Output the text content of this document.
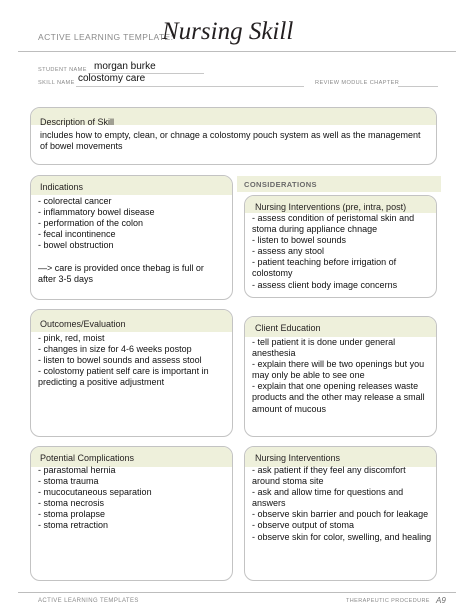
ACTIVE LEARNING TEMPLATE:
Nursing Skill
STUDENT NAME morgan burke
SKILL NAME colostomy care	REVIEW MODULE CHAPTER
Description of Skill
includes how to empty, clean, or chnage a colostomy pouch system as well as the management
of bowel movements
Indications
- colorectal cancer
- inflammatory bowel disease
- performation of the colon
- fecal incontinence
- bowel obstruction

—> care is provided once thebag is full or
after 3-5 days
CONSIDERATIONS
Nursing Interventions (pre, intra, post)
- assess condition of peristomal skin and
stoma during appliance chnage
- listen to bowel sounds
- assess any stool
- patient teaching before irrigation of
colostomy
- assess client body image concerns
Outcomes/Evaluation
- pink, red, moist
- changes in size for 4-6 weeks postop
- listen to bowel sounds and assess stool
- colostomy patient self care is important in
predicting a positive adjustment
Client Education
- tell patient it is done under general
anesthesia
- explain there will be two openings but you
may only be able to see one
- explain that one opening releases waste
products and the other may release a small
amount of mucous
Potential Complications
- parastomal hernia
- stoma trauma
- mucocutaneous separation
- stoma necrosis
- stoma prolapse
- stoma retraction
Nursing Interventions
- ask patient if they feel any discomfort
around stoma site
- ask and allow time for questions and
answers
- observe skin barrier and pouch for leakage
- observe output of stoma
- observe skin for color, swelling, and healing
ACTIVE LEARNING TEMPLATES	THERAPEUTIC PROCEDURE A9
